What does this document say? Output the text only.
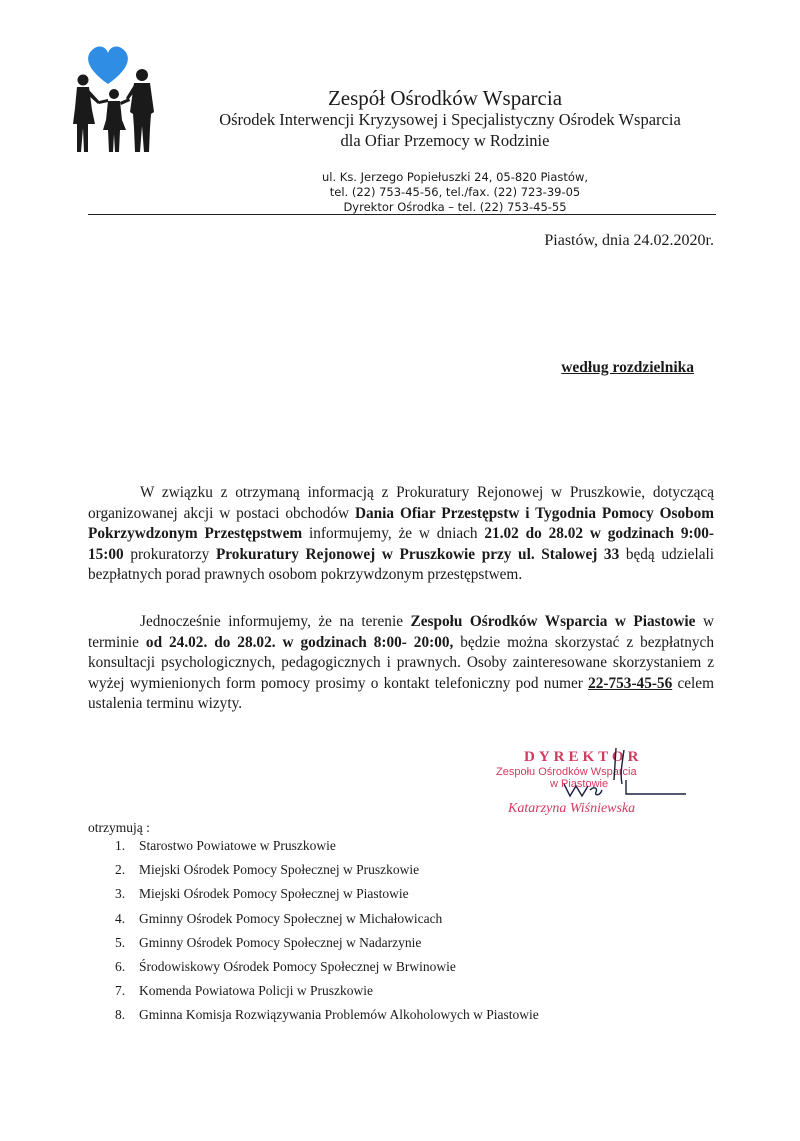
Zespół Ośrodków Wsparcia
Ośrodek Interwencji Kryzysowej i Specjalistyczny Ośrodek Wsparcia
dla Ofiar Przemocy w Rodzinie
ul. Ks. Jerzego Popiełuszki 24, 05-820 Piastów,
tel. (22) 753-45-56, tel./fax. (22) 723-39-05
Dyrektor Ośrodka – tel. (22) 753-45-55
Piastów, dnia 24.02.2020r.
według rozdzielnika

W związku z otrzymaną informacją z Prokuratury Rejonowej w Pruszkowie, dotyczącą organizowanej akcji w postaci obchodów Dania Ofiar Przestępstw i Tygodnia Pomocy Osobom Pokrzywdzonym Przestępstwem informujemy, że w dniach 21.02 do 28.02 w godzinach 9:00-15:00 prokuratorzy Prokuratury Rejonowej w Pruszkowie przy ul. Stalowej 33 będą udzielali bezpłatnych porad prawnych osobom pokrzywdzonym przestępstwem.

Jednocześnie informujemy, że na terenie Zespołu Ośrodków Wsparcia w Piastowie w terminie od 24.02. do 28.02. w godzinach 8:00- 20:00, będzie można skorzystać z bezpłatnych konsultacji psychologicznych, pedagogicznych i prawnych. Osoby zainteresowane skorzystaniem z wyżej wymienionych form pomocy prosimy o kontakt telefoniczny pod numer 22-753-45-56 celem ustalenia terminu wizyty.

DYREKTOR
Zespołu Ośrodków Wsparcia
w Piastowie
Katarzyna Wiśniewska
otrzymują :
1.	Starostwo Powiatowe w Pruszkowie
2.	Miejski Ośrodek Pomocy Społecznej w Pruszkowie
3.	Miejski Ośrodek Pomocy Społecznej w Piastowie
4.	Gminny Ośrodek Pomocy Społecznej w Michałowicach
5.	Gminny Ośrodek Pomocy Społecznej w Nadarzynie
6.	Środowiskowy Ośrodek Pomocy Społecznej w Brwinowie
7.	Komenda Powiatowa Policji w Pruszkowie
8.	Gminna Komisja Rozwiązywania Problemów Alkoholowych w Piastowie
